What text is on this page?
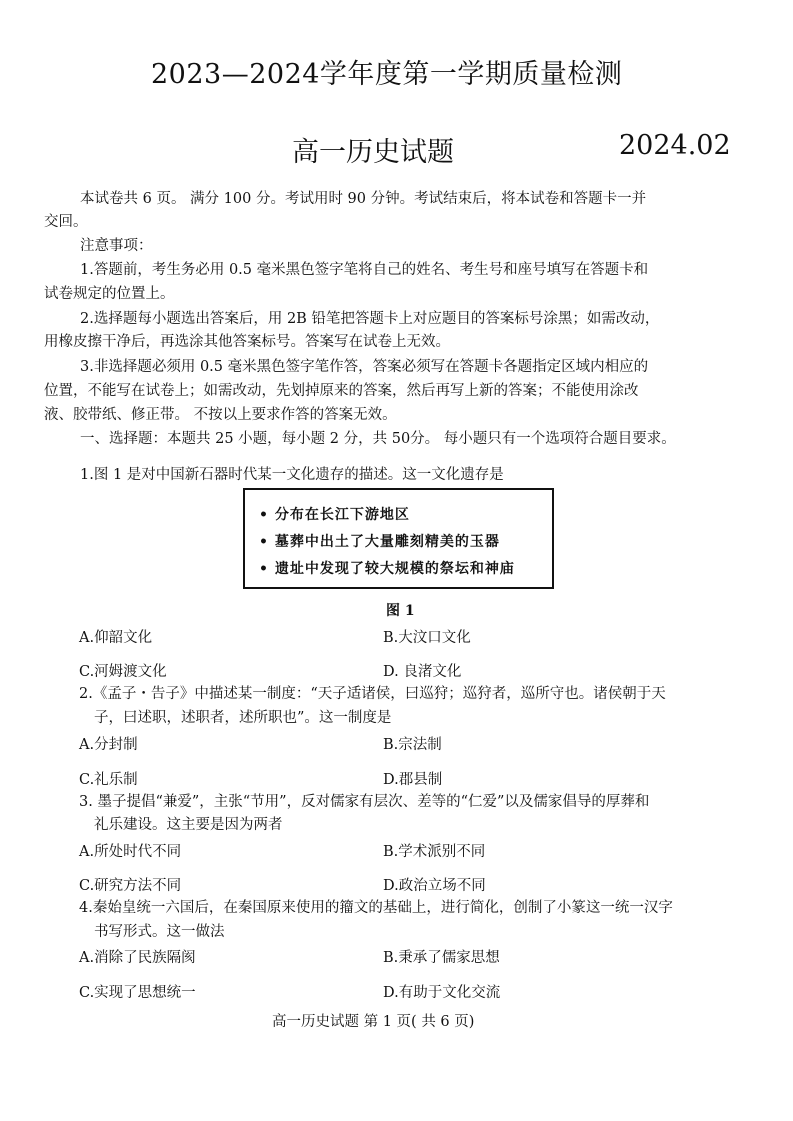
2023—2024学年度第一学期质量检测
高一历史试题	2024.02
本试卷共 6 页。 满分 100 分。考试用时 90 分钟。考试结束后，将本试卷和答题卡一并
交回。
注意事项：
1.答题前，考生务必用 0.5 毫米黑色签字笔将自己的姓名、考生号和座号填写在答题卡和
试卷规定的位置上。
2.选择题每小题选出答案后，用 2B 铅笔把答题卡上对应题目的答案标号涂黑；如需改动，
用橡皮擦干净后，再选涂其他答案标号。答案写在试卷上无效。
3.非选择题必须用 0.5 毫米黑色签字笔作答，答案必须写在答题卡各题指定区域内相应的
位置，不能写在试卷上；如需改动，先划掉原来的答案，然后再写上新的答案；不能使用涂改
液、胶带纸、修正带。 不按以上要求作答的答案无效。
一、选择题：本题共 25 小题，每小题 2 分，共 50分。 每小题只有一个选项符合题目要求。
1.图 1 是对中国新石器时代某一文化遗存的描述。这一文化遗存是
• 分布在长江下游地区
• 墓葬中出土了大量雕刻精美的玉器
• 遗址中发现了较大规模的祭坛和神庙
图 1
A.仰韶文化	B.大汶口文化
C.河姆渡文化	D. 良渚文化
2.《孟子・告子》中描述某一制度：“天子适诸侯，曰巡狩；巡狩者，巡所守也。诸侯朝于天
子，曰述职，述职者，述所职也”。这一制度是
A.分封制	B.宗法制
C.礼乐制	D.郡县制
3. 墨子提倡“兼爱”，主张“节用”，反对儒家有层次、差等的“仁爱”以及儒家倡导的厚葬和
礼乐建设。这主要是因为两者
A.所处时代不同	B.学术派别不同
C.研究方法不同	D.政治立场不同
4.秦始皇统一六国后，在秦国原来使用的籀文的基础上，进行简化，创制了小篆这一统一汉字
书写形式。这一做法
A.消除了民族隔阂	B.秉承了儒家思想
C.实现了思想统一	D.有助于文化交流
高一历史试题 第 1 页( 共 6 页)
